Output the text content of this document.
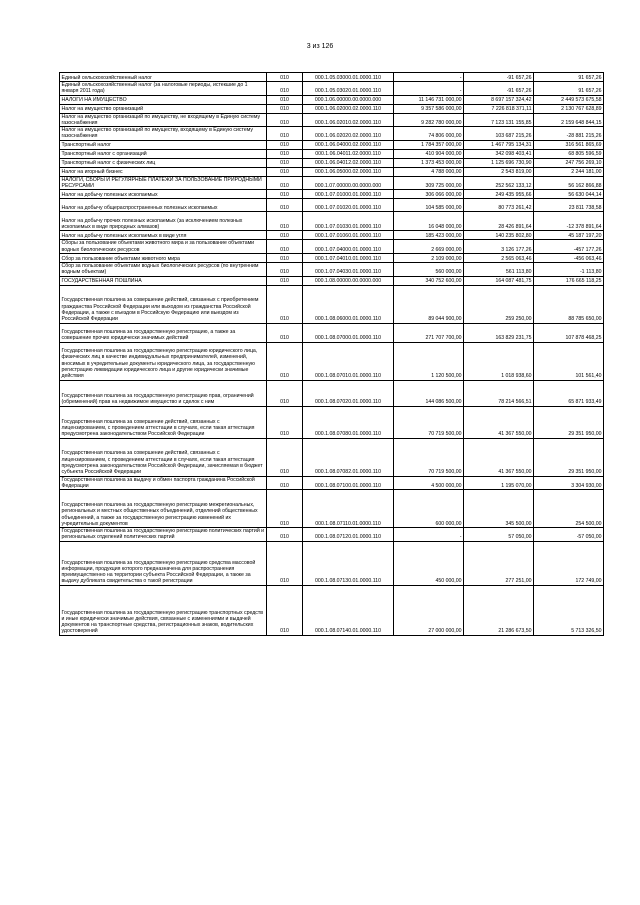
3 из 126
Единый сельскохозяйственный налог	010	000.1.05.03000.01.0000.110	-	-91 657,26	91 657,26
Единый сельскохозяйственный налог (за налоговые периоды, истекшие до 1 января 2011 года)	010	000.1.05.03020.01.0000.110	-	-91 657,26	91 657,26
НАЛОГИ НА ИМУЩЕСТВО	010	000.1.06.00000.00.0000.000	11 146 731 000,00	8 697 157 324,42	2 449 573 675,58
Налог на имущество организаций	010	000.1.06.02000.02.0000.110	9 357 586 000,00	7 226 818 371,11	2 130 767 628,89
Налог на имущество организаций по имуществу, не входящему в Единую систему газоснабжения	010	000.1.06.02010.02.0000.110	9 282 780 000,00	7 123 131 155,85	2 159 648 844,15
Налог на имущество организаций по имуществу, входящему в Единую систему газоснабжения	010	000.1.06.02020.02.0000.110	74 806 000,00	103 687 215,26	-28 881 215,26
Транспортный налог	010	000.1.06.04000.02.0000.110	1 784 357 000,00	1 467 795 134,31	316 561 865,69
Транспортный налог с организаций	010	000.1.06.04011.02.0000.110	410 904 000,00	342 098 403,41	68 805 596,59
Транспортный налог с физических лиц	010	000.1.06.04012.02.0000.110	1 373 453 000,00	1 125 696 730,90	247 756 269,10
Налог на игорный бизнес	010	000.1.06.05000.02.0000.110	4 788 000,00	2 543 819,00	2 244 181,00
НАЛОГИ, СБОРЫ И РЕГУЛЯРНЫЕ ПЛАТЕЖИ ЗА ПОЛЬЗОВАНИЕ ПРИРОДНЫМИ РЕСУРСАМИ	010	000.1.07.00000.00.0000.000	309 725 000,00	252 562 133,12	56 162 866,88
Налог на добычу полезных ископаемых	010	000.1.07.01000.01.0000.110	306 066 000,00	249 435 955,66	56 630 044,14
Налог на добычу общераспространенных полезных ископаемых	010	000.1.07.01020.01.0000.110	104 585 000,00	80 773 261,42	23 811 738,58
Налог на добычу прочих полезных ископаемых (за исключением полезных ископаемых в виде природных алмазов)	010	000.1.07.01030.01.0000.110	16 048 000,00	28 426 891,64	-12 378 891,64
Налог на добычу полезных ископаемых в виде угля	010	000.1.07.01060.01.0000.110	185 423 000,00	140 235 802,80	45 187 197,20
Сборы за пользование объектами животного мира и за пользование объектами водных биологических ресурсов	010	000.1.07.04000.01.0000.110	2 669 000,00	3 126 177,26	-457 177,26
Сбор за пользование объектами животного мира	010	000.1.07.04010.01.0000.110	2 109 000,00	2 565 063,46	-456 063,46
Сбор за пользование объектами водных биологических ресурсов (по внутренним водным объектам)	010	000.1.07.04030.01.0000.110	560 000,00	561 113,80	-1 113,80
ГОСУДАРСТВЕННАЯ ПОШЛИНА	010	000.1.08.00000.00.0000.000	340 752 600,00	164 087 481,75	176 665 118,25
Государственная пошлина за совершение действий, связанных с приобретением гражданства Российской Федерации или выходом из гражданства Российской Федерации, а также с въездом в Российскую Федерацию или выездом из Российской Федерации	010	000.1.08.06000.01.0000.110	89 044 900,00	259 250,00	88 785 650,00
Государственная пошлина за государственную регистрацию, а также за совершение прочих юридически значимых действий	010	000.1.08.07000.01.0000.110	271 707 700,00	163 829 231,75	107 878 468,25
Государственная пошлина за государственную регистрацию юридического лица, физических лиц в качестве индивидуальных предпринимателей, изменений, вносимых в учредительные документы юридического лица, за государственную регистрацию ликвидации юридического лица и другие юридически значимые действия	010	000.1.08.07010.01.0000.110	1 120 500,00	1 018 938,60	101 561,40
Государственная пошлина за государственную регистрацию прав, ограничений (обременений) прав на недвижимое имущество и сделок с ним	010	000.1.08.07020.01.0000.110	144 086 500,00	78 214 566,51	65 871 933,49
Государственная пошлина за совершение действий, связанных с лицензированием, с проведением аттестации в случаях, если такая аттестация предусмотрена законодательством Российской Федерации	010	000.1.08.07080.01.0000.110	70 719 500,00	41 367 550,00	29 351 950,00
Государственная пошлина за совершение действий, связанных с лицензированием, с проведением аттестации в случаях, если такая аттестация предусмотрена законодательством Российской Федерации, зачисляемая в бюджет субъекта Российской Федерации	010	000.1.08.07082.01.0000.110	70 719 500,00	41 367 550,00	29 351 950,00
Государственная пошлина за выдачу и обмен паспорта гражданина Российской Федерации	010	000.1.08.07100.01.0000.110	4 500 000,00	1 195 070,00	3 304 930,00
Государственная пошлина за государственную регистрацию межрегиональных, региональных и местных общественных объединений, отделений общественных объединений, а также за государственную регистрацию изменений их учредительных документов	010	000.1.08.07110.01.0000.110	600 000,00	345 500,00	254 500,00
Государственная пошлина за государственную регистрацию политических партий и региональных отделений политических партий	010	000.1.08.07120.01.0000.110	-	57 050,00	-57 050,00
Государственная пошлина за государственную регистрацию средства массовой информации, продукция которого предназначена для распространения преимущественно на территории субъекта Российской Федерации, а также за выдачу дубликата свидетельства о такой регистрации	010	000.1.08.07130.01.0000.110	450 000,00	277 251,00	172 749,00
Государственная пошлина за государственную регистрацию транспортных средств и иные юридически значимые действия, связанные с изменениями и выдачей документов на транспортные средства, регистрационных знаков, водительских удостоверений	010	000.1.08.07140.01.0000.110	27 000 000,00	21 286 673,50	5 713 326,50
